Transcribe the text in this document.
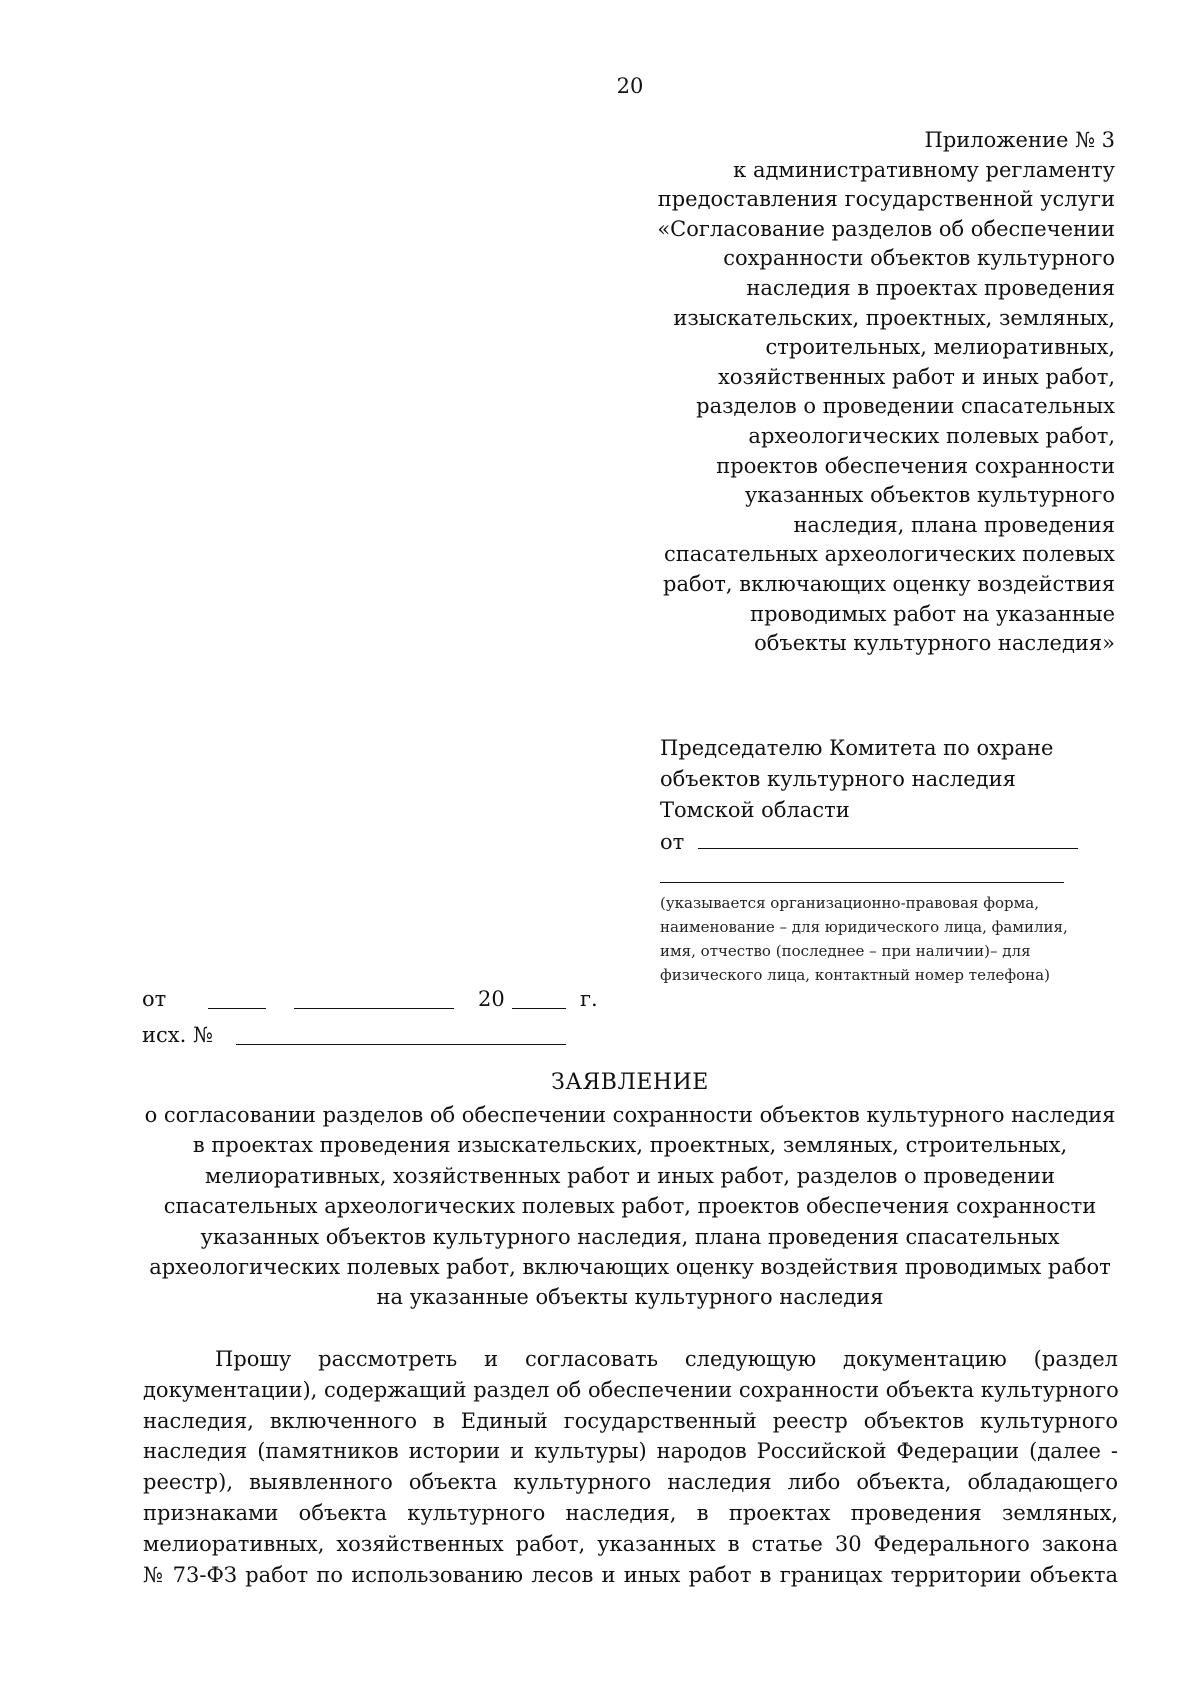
20
Приложение № 3
к административному регламенту
предоставления государственной услуги
«Согласование разделов об обеспечении
сохранности объектов культурного
наследия в проектах проведения
изыскательских, проектных, земляных,
строительных, мелиоративных,
хозяйственных работ и иных работ,
разделов о проведении спасательных
археологических полевых работ,
проектов обеспечения сохранности
указанных объектов культурного
наследия, плана проведения
спасательных археологических полевых
работ, включающих оценку воздействия
проводимых работ на указанные
объекты культурного наследия»
Председателю Комитета по охране
объектов культурного наследия
Томской области
от
(указывается организационно-правовая форма,
наименование – для юридического лица, фамилия,
имя, отчество (последнее – при наличии)– для
физического лица, контактный номер телефона)
от	20	г.
исх. №
ЗАЯВЛЕНИЕ
о согласовании разделов об обеспечении сохранности объектов культурного наследия
в проектах проведения изыскательских, проектных, земляных, строительных,
мелиоративных, хозяйственных работ и иных работ, разделов о проведении
спасательных археологических полевых работ, проектов обеспечения сохранности
указанных объектов культурного наследия, плана проведения спасательных
археологических полевых работ, включающих оценку воздействия проводимых работ
на указанные объекты культурного наследия
Прошу рассмотреть и согласовать следующую документацию (раздел
документации), содержащий раздел об обеспечении сохранности объекта культурного
наследия, включенного в Единый государственный реестр объектов культурного
наследия (памятников истории и культуры) народов Российской Федерации (далее -
реестр), выявленного объекта культурного наследия либо объекта, обладающего
признаками объекта культурного наследия, в проектах проведения земляных,
мелиоративных, хозяйственных работ, указанных в статье 30 Федерального закона
№ 73-ФЗ работ по использованию лесов и иных работ в границах территории объекта
